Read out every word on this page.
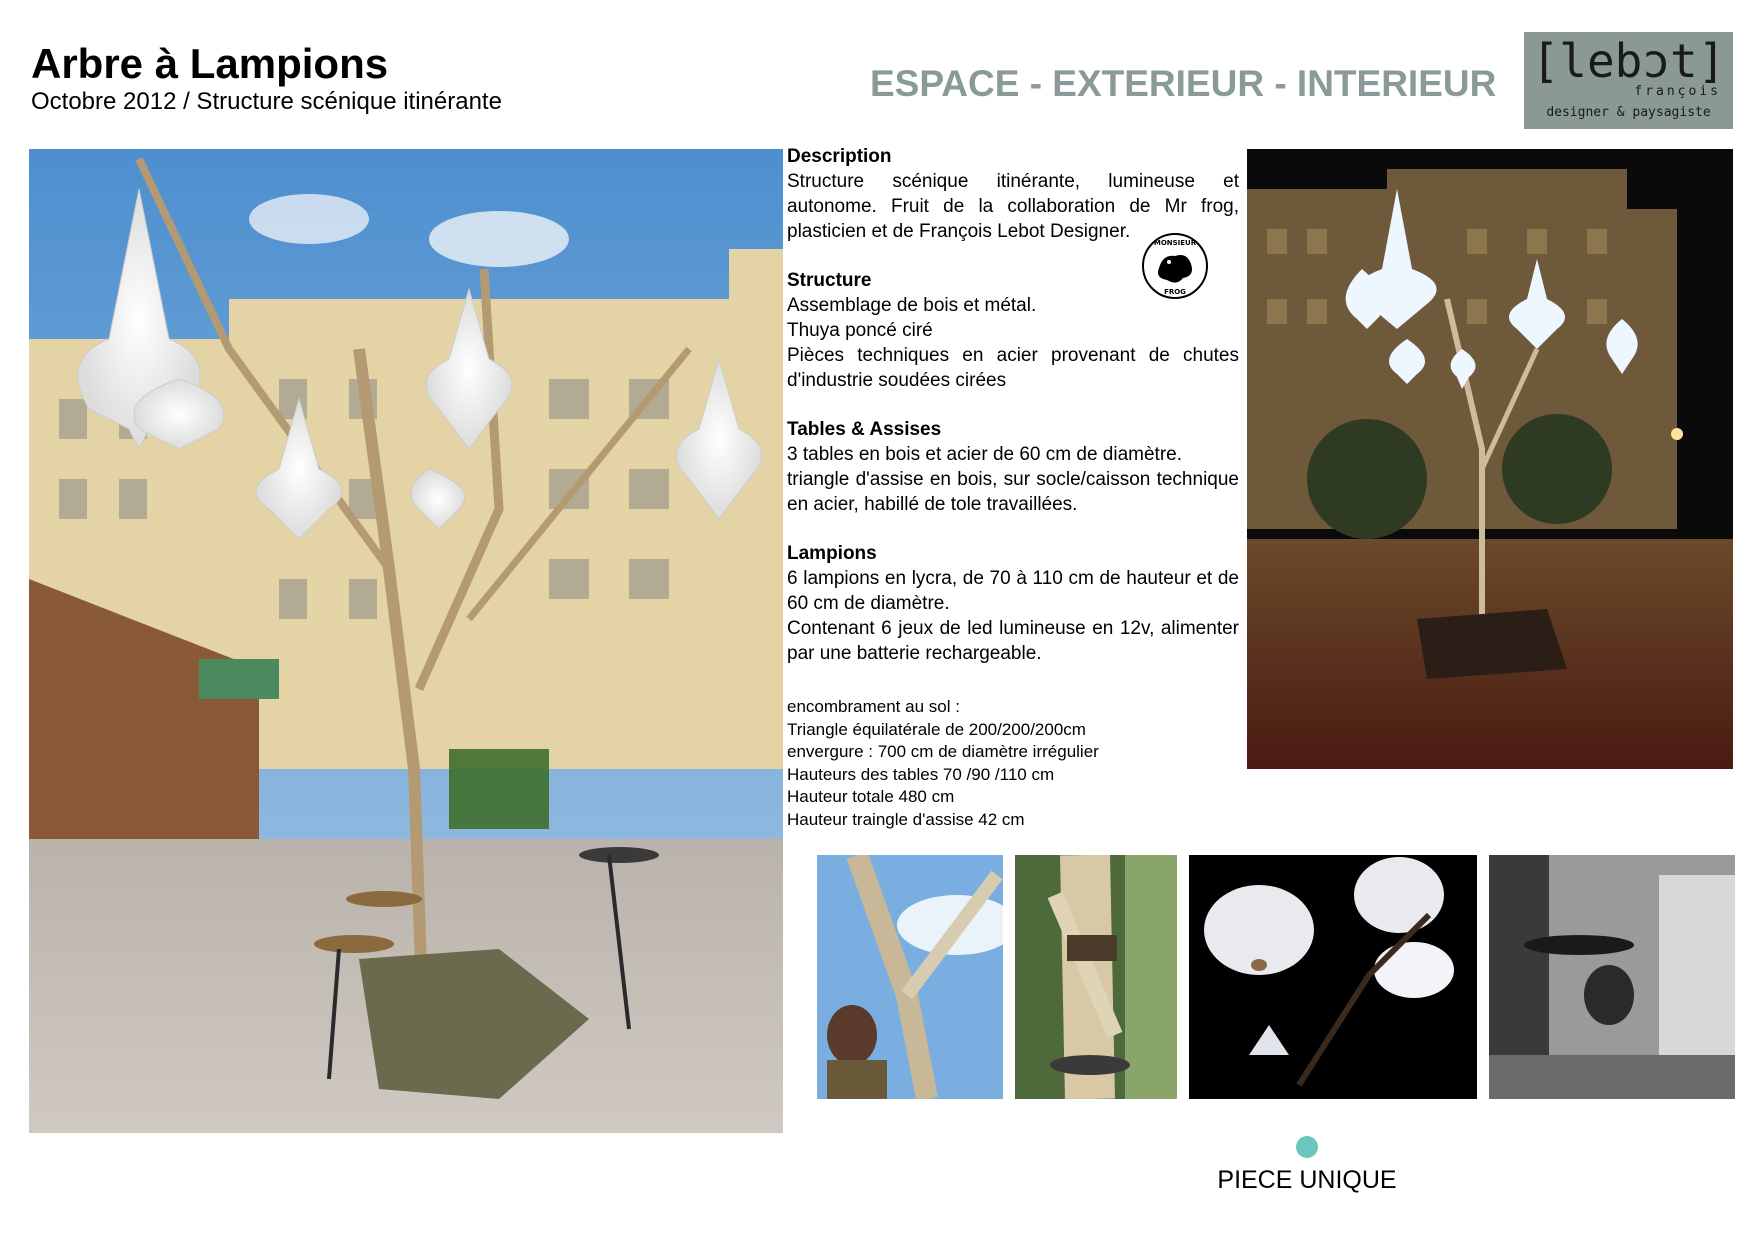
Arbre à Lampions
Octobre 2012 / Structure scénique itinérante	ESPACE - EXTERIEUR - INTERIEUR [lebɔt]
françois
designer & paysagiste
Description
Structure scénique itinérante, lumineuse et autonome. Fruit de la collaboration de Mr frog, plasticien et de François Lebot Designer.
Structure
Assemblage de bois et métal.
Thuya poncé ciré
Pièces techniques en acier provenant de chutes d'industrie soudées cirées
Tables & Assises
3 tables en bois et acier de 60 cm de diamètre.
triangle d'assise en bois, sur socle/caisson technique en acier, habillé de tole travaillées.
Lampions
6 lampions en lycra, de 70 à 110 cm de hauteur et de 60 cm de diamètre.
Contenant 6 jeux de led lumineuse en 12v, alimenter par une batterie rechargeable.
encombrament au sol :
Triangle équilatérale de 200/200/200cm
envergure : 700 cm de diamètre irrégulier
Hauteurs des tables 70 /90 /110 cm
Hauteur totale 480 cm
Hauteur traingle d'assise 42 cm
MONSIEUR
FROG
PIECE UNIQUE
